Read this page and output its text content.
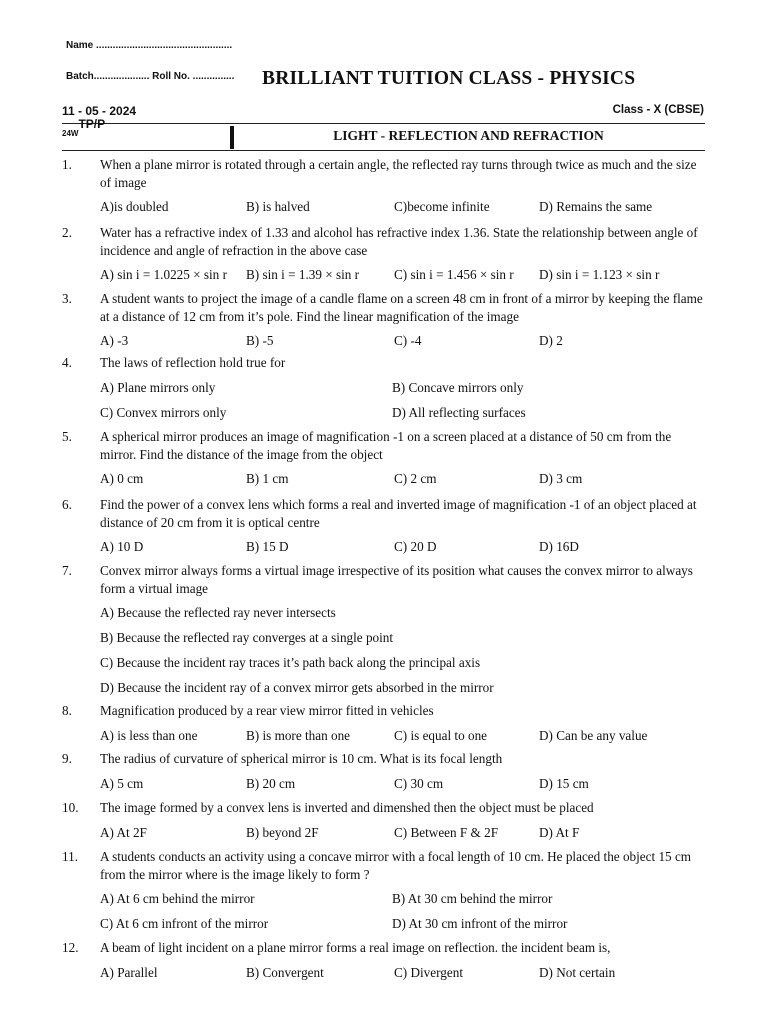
Name .................................................
Batch.................... Roll No. ............... BRILLIANT TUITION CLASS - PHYSICS
11 - 05 - 2024	Class - X (CBSE)
$_{24W}$TP/P
LIGHT - REFLECTION AND REFRACTION
1.	When a plane mirror is rotated through a certain angle, the reflected ray turns through twice as much and the size of image
A)is doubled	B) is halved	C)become infinite	D) Remains the same
2.	Water has a refractive index of 1.33 and alcohol has refractive index 1.36. State the relationship between angle of incidence and angle of refraction in the above case
A) sin i = 1.0225 × sin r	B) sin i = 1.39 × sin r	C) sin i = 1.456 × sin r	D) sin i = 1.123 × sin r
3.	A student wants to project the image of a candle flame on a screen 48 cm in front of a mirror by keeping the flame at a distance of 12 cm from it’s pole. Find the linear magnification of the image
A) -3	B) -5	C) -4	D) 2
4.	The laws of reflection hold true for
A) Plane mirrors only	B) Concave mirrors only
C) Convex mirrors only	D) All reflecting surfaces
5.	A spherical mirror produces an image of magnification -1 on a screen placed at a distance of 50 cm from the mirror. Find the distance of the image from the object
A) 0 cm	B) 1 cm	C) 2 cm	D) 3 cm
6.	Find the power of a convex lens which forms a real and inverted image of magnification -1 of an object placed at distance of 20 cm from it is optical centre
A) 10 D	B) 15 D	C) 20 D	D) 16D
7.	Convex mirror always forms a virtual image irrespective of its position what causes the convex mirror to always form a virtual image
A) Because the reflected ray never intersects
B) Because the reflected ray converges at a single point
C) Because the incident ray traces it’s path back along the principal axis
D) Because the incident ray of a convex mirror gets absorbed in the mirror
8.	Magnification produced by a rear view mirror fitted in vehicles
A) is less than one	B) is more than one	C) is equal to one	D) Can be any value
9.	The radius of curvature of spherical mirror is 10 cm. What is its focal length
A) 5 cm	B) 20 cm	C) 30 cm	D) 15 cm
10.	The image formed by a convex lens is inverted and dimenshed then the object must be placed
A) At 2F	B) beyond 2F	C) Between F & 2F	D) At F
11.	A students conducts an activity using a concave mirror with a focal length of 10 cm. He placed the object 15 cm from the mirror where is the image likely to form ?
A) At 6 cm behind the mirror	B) At 30 cm behind the mirror
C) At 6 cm infront of the mirror	D) At 30 cm infront of the mirror
12.	A beam of light incident on a plane mirror forms a real image on reflection. the incident beam is,
A) Parallel	B) Convergent	C) Divergent	D) Not certain
